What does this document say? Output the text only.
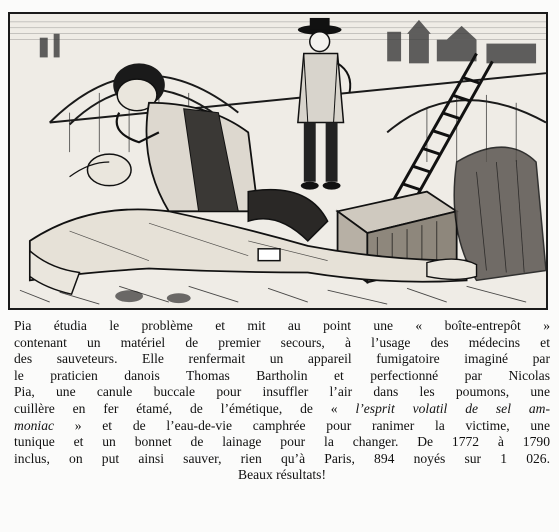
Pia étudia le problème et mit au point une « boîte-entrepôt »
contenant un matériel de premier secours, à l’usage des médecins et
des sauveteurs. Elle renfermait un appareil fumigatoire imaginé par
le praticien danois Thomas Bartholin et perfectionné par Nicolas
Pia, une canule buccale pour insuffler l’air dans les poumons, une
cuillère en fer étamé, de l’émétique, de « l’esprit volatil de sel am-
moniac » et de l’eau-de-vie camphrée pour ranimer la victime, une
tunique et un bonnet de lainage pour la changer. De 1772 à 1790
inclus, on put ainsi sauver, rien qu’à Paris, 894 noyés sur 1 026.
Beaux résultats!
